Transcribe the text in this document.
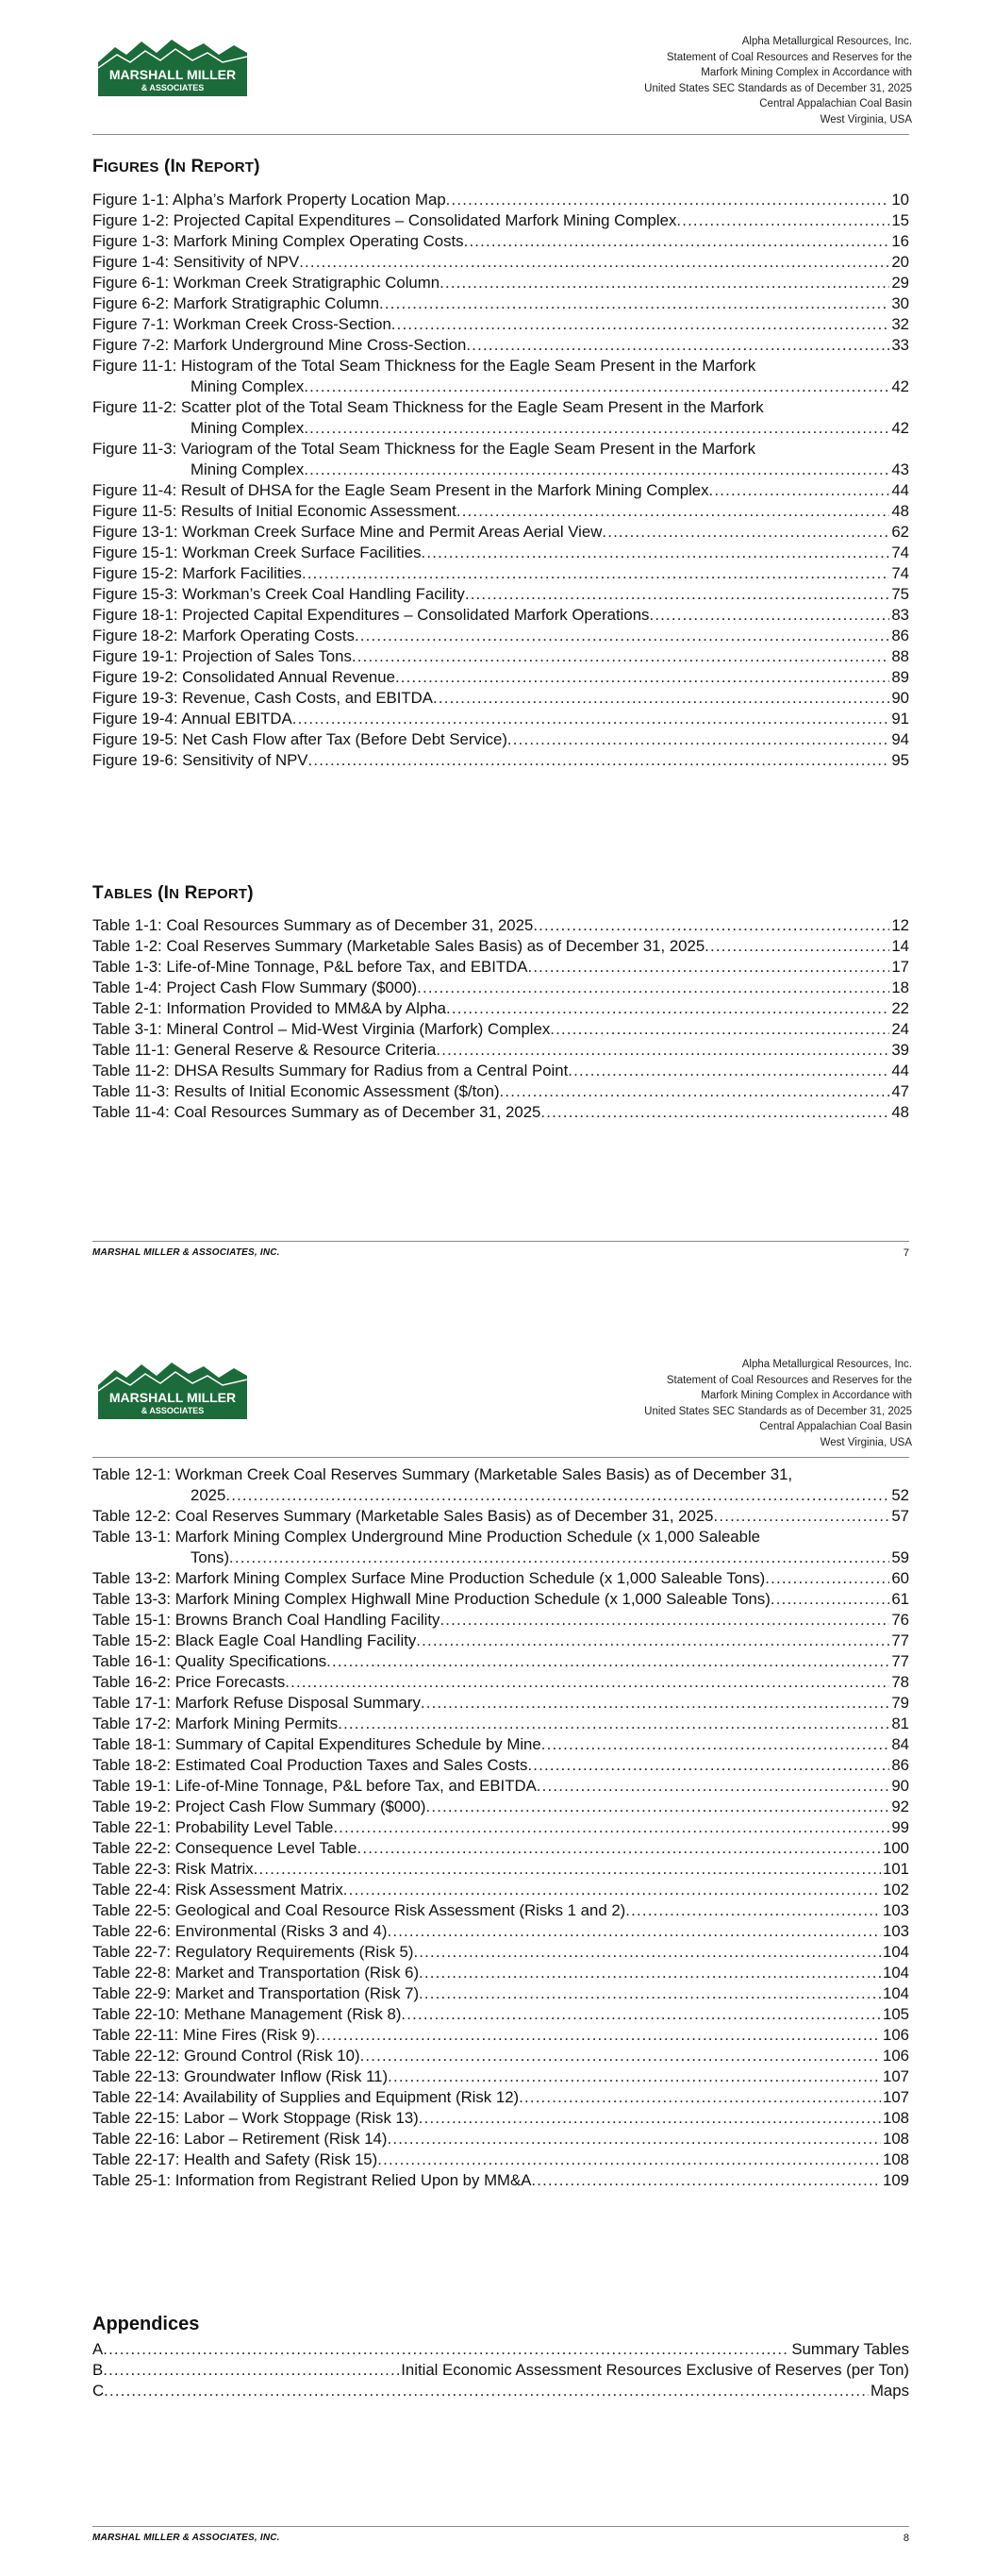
MARSHALL MILLER
& ASSOCIATES
Alpha Metallurgical Resources, Inc.
Statement of Coal Resources and Reserves for the
Marfork Mining Complex in Accordance with
United States SEC Standards as of December 31, 2025
Central Appalachian Coal Basin
West Virginia, USA
FIGURES (IN REPORT)
Figure 1-1: Alpha’s Marfork Property Location Map .....	10
Figure 1-2: Projected Capital Expenditures – Consolidated Marfork Mining Complex .....	15
Figure 1-3: Marfork Mining Complex Operating Costs .....	16
Figure 1-4: Sensitivity of NPV .....	20
Figure 6-1: Workman Creek Stratigraphic Column .....	29
Figure 6-2: Marfork Stratigraphic Column .....	30
Figure 7-1: Workman Creek Cross-Section .....	32
Figure 7-2: Marfork Underground Mine Cross-Section .....	33
Figure 11-1: Histogram of the Total Seam Thickness for the Eagle Seam Present in the Marfork
Mining Complex .....	42
Figure 11-2: Scatter plot of the Total Seam Thickness for the Eagle Seam Present in the Marfork
Mining Complex .....	42
Figure 11-3: Variogram of the Total Seam Thickness for the Eagle Seam Present in the Marfork
Mining Complex .....	43
Figure 11-4: Result of DHSA for the Eagle Seam Present in the Marfork Mining Complex .....	44
Figure 11-5: Results of Initial Economic Assessment .....	48
Figure 13-1: Workman Creek Surface Mine and Permit Areas Aerial View .....	62
Figure 15-1: Workman Creek Surface Facilities .....	74
Figure 15-2: Marfork Facilities .....	74
Figure 15-3: Workman’s Creek Coal Handling Facility .....	75
Figure 18-1: Projected Capital Expenditures – Consolidated Marfork Operations .....	83
Figure 18-2: Marfork Operating Costs .....	86
Figure 19-1: Projection of Sales Tons .....	88
Figure 19-2: Consolidated Annual Revenue .....	89
Figure 19-3: Revenue, Cash Costs, and EBITDA .....	90
Figure 19-4: Annual EBITDA .....	91
Figure 19-5: Net Cash Flow after Tax (Before Debt Service) .....	94
Figure 19-6: Sensitivity of NPV .....	95
TABLES (IN REPORT)
Table 1-1: Coal Resources Summary as of December 31, 2025 .....	12
Table 1-2: Coal Reserves Summary (Marketable Sales Basis) as of December 31, 2025 .....	14
Table 1-3: Life-of-Mine Tonnage, P&L before Tax, and EBITDA .....	17
Table 1-4: Project Cash Flow Summary ($000) .....	18
Table 2-1: Information Provided to MM&A by Alpha .....	22
Table 3-1: Mineral Control – Mid-West Virginia (Marfork) Complex .....	24
Table 11-1: General Reserve & Resource Criteria .....	39
Table 11-2: DHSA Results Summary for Radius from a Central Point .....	44
Table 11-3: Results of Initial Economic Assessment ($/ton) .....	47
Table 11-4: Coal Resources Summary as of December 31, 2025 .....	48
MARSHAL MILLER & ASSOCIATES, INC.	7
MARSHALL MILLER
& ASSOCIATES
Alpha Metallurgical Resources, Inc.
Statement of Coal Resources and Reserves for the
Marfork Mining Complex in Accordance with
United States SEC Standards as of December 31, 2025
Central Appalachian Coal Basin
West Virginia, USA
Table 12-1: Workman Creek Coal Reserves Summary (Marketable Sales Basis) as of December 31,
2025 .....	52
Table 12-2: Coal Reserves Summary (Marketable Sales Basis) as of December 31, 2025 .....	57
Table 13-1: Marfork Mining Complex Underground Mine Production Schedule (x 1,000 Saleable
Tons) .....	59
Table 13-2: Marfork Mining Complex Surface Mine Production Schedule (x 1,000 Saleable Tons) .....	60
Table 13-3: Marfork Mining Complex Highwall Mine Production Schedule (x 1,000 Saleable Tons) .....	61
Table 15-1: Browns Branch Coal Handling Facility .....	76
Table 15-2: Black Eagle Coal Handling Facility .....	77
Table 16-1: Quality Specifications .....	77
Table 16-2: Price Forecasts .....	78
Table 17-1: Marfork Refuse Disposal Summary .....	79
Table 17-2: Marfork Mining Permits .....	81
Table 18-1: Summary of Capital Expenditures Schedule by Mine .....	84
Table 18-2: Estimated Coal Production Taxes and Sales Costs .....	86
Table 19-1: Life-of-Mine Tonnage, P&L before Tax, and EBITDA .....	90
Table 19-2: Project Cash Flow Summary ($000) .....	92
Table 22-1: Probability Level Table .....	99
Table 22-2: Consequence Level Table .....	100
Table 22-3: Risk Matrix .....	101
Table 22-4: Risk Assessment Matrix .....	102
Table 22-5: Geological and Coal Resource Risk Assessment (Risks 1 and 2) .....	103
Table 22-6: Environmental (Risks 3 and 4) .....	103
Table 22-7: Regulatory Requirements (Risk 5) .....	104
Table 22-8: Market and Transportation (Risk 6) .....	104
Table 22-9: Market and Transportation (Risk 7) .....	104
Table 22-10: Methane Management (Risk 8) .....	105
Table 22-11: Mine Fires (Risk 9) .....	106
Table 22-12: Ground Control (Risk 10) .....	106
Table 22-13: Groundwater Inflow (Risk 11) .....	107
Table 22-14: Availability of Supplies and Equipment (Risk 12) .....	107
Table 22-15: Labor – Work Stoppage (Risk 13) .....	108
Table 22-16: Labor – Retirement (Risk 14) .....	108
Table 22-17: Health and Safety (Risk 15) .....	108
Table 25-1: Information from Registrant Relied Upon by MM&A .....	109
Appendices
A .....	Summary Tables
B .....	Initial Economic Assessment Resources Exclusive of Reserves (per Ton)
C .....	Maps
MARSHAL MILLER & ASSOCIATES, INC.	8
